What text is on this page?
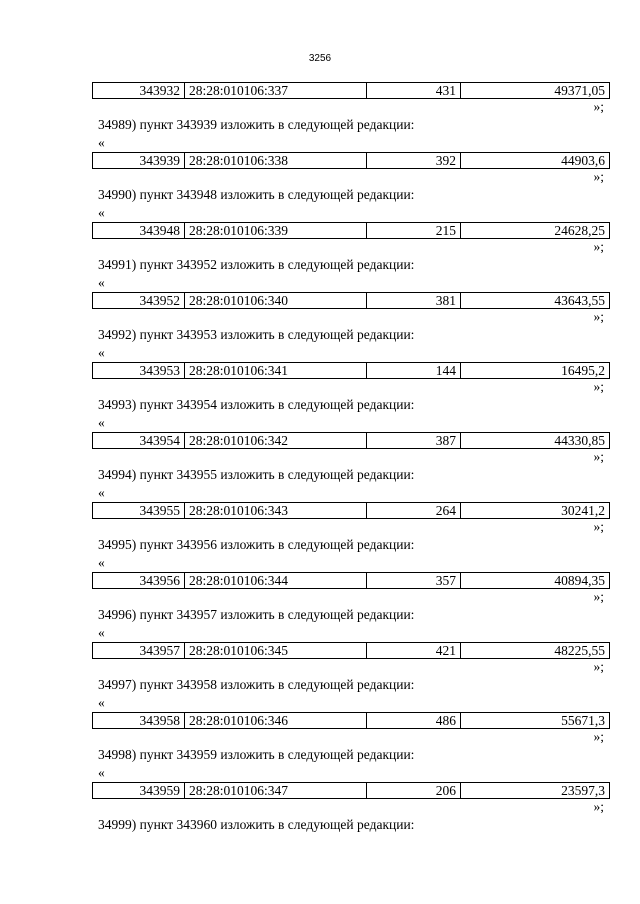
3256
343932 28:28:010106:337	431	49371,05
»;
34989) пункт 343939 изложить в следующей редакции:
«
343939 28:28:010106:338	392	44903,6
»;
34990) пункт 343948 изложить в следующей редакции:
«
343948 28:28:010106:339	215	24628,25
»;
34991) пункт 343952 изложить в следующей редакции:
«
343952 28:28:010106:340	381	43643,55
»;
34992) пункт 343953 изложить в следующей редакции:
«
343953 28:28:010106:341	144	16495,2
»;
34993) пункт 343954 изложить в следующей редакции:
«
343954 28:28:010106:342	387	44330,85
»;
34994) пункт 343955 изложить в следующей редакции:
«
343955 28:28:010106:343	264	30241,2
»;
34995) пункт 343956 изложить в следующей редакции:
«
343956 28:28:010106:344	357	40894,35
»;
34996) пункт 343957 изложить в следующей редакции:
«
343957 28:28:010106:345	421	48225,55
»;
34997) пункт 343958 изложить в следующей редакции:
«
343958 28:28:010106:346	486	55671,3
»;
34998) пункт 343959 изложить в следующей редакции:
«
343959 28:28:010106:347	206	23597,3
»;
34999) пункт 343960 изложить в следующей редакции:
